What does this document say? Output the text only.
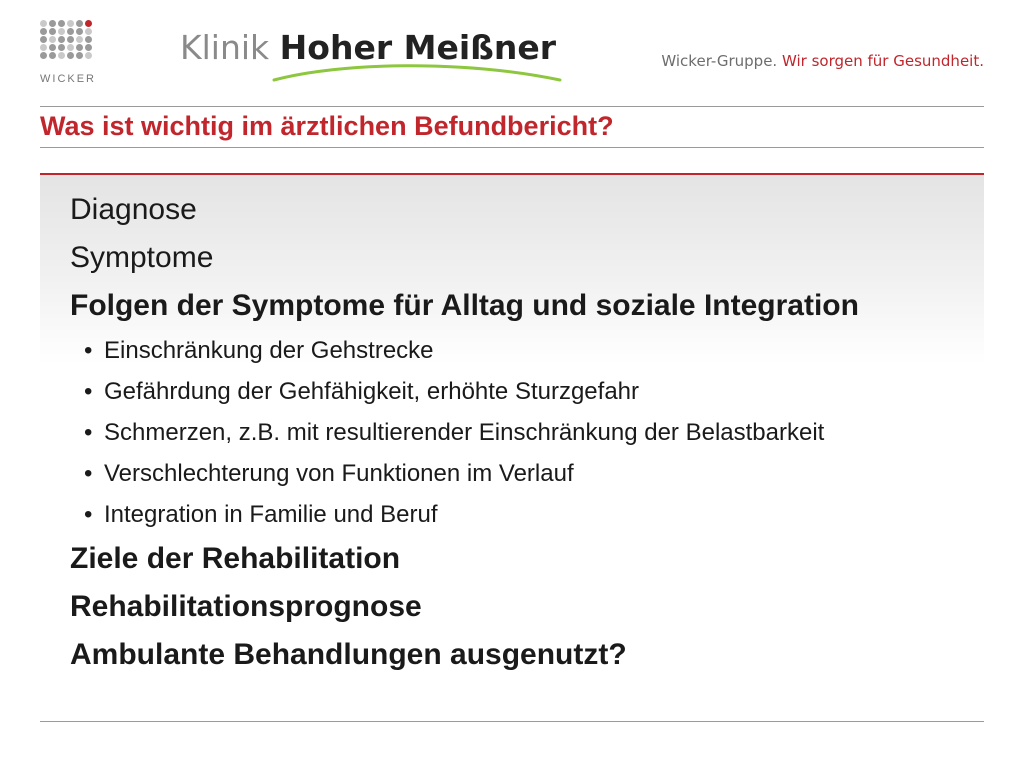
WICKER
Klinik Hoher Meißner	Wicker-Gruppe. Wir sorgen für Gesundheit.
Was ist wichtig im ärztlichen Befundbericht?
Diagnose
Symptome
Folgen der Symptome für Alltag und soziale Integration
• Einschränkung der Gehstrecke
• Gefährdung der Gehfähigkeit, erhöhte Sturzgefahr
• Schmerzen, z.B. mit resultierender Einschränkung der Belastbarkeit
• Verschlechterung von Funktionen im Verlauf
• Integration in Familie und Beruf
Ziele der Rehabilitation
Rehabilitationsprognose
Ambulante Behandlungen ausgenutzt?
